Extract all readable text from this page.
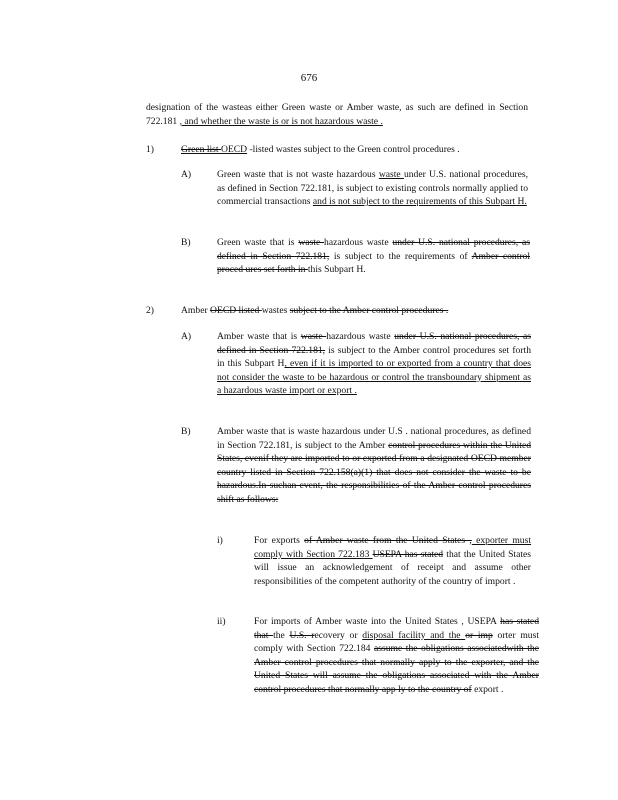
676
designation of the wasteas either Green waste or Amber waste, as such are defined in Section 722.181 , and whether the waste is or is not hazardous waste .
1)	Green list OECD -listed wastes subject to the Green control procedures .
A)	Green waste that is not waste hazardous waste under U.S. national procedures, as defined in Section 722.181, is subject to existing controls normally applied to commercial transactions and is not subject to the requirements of this Subpart H.
B)	Green waste that is waste hazardous waste under U.S. national procedures, as defined in Section 722.181, is subject to the requirements of Amber control proced ures set forth in this Subpart H.
2)	Amber OECD listed wastes subject to the Amber control procedures .
A)	Amber waste that is waste hazardous waste under U.S. national procedures, as defined in Section 722.181, is subject to the Amber control procedures set forth in this Subpart H, even if it is imported to or exported from a country that does not consider the waste to be hazardous or control the transboundary shipment as a hazardous waste import or export .
B)	Amber waste that is waste hazardous under U.S . national procedures, as defined in Section 722.181, is subject to the Amber control procedures within the United States, evenif they are imported to or exported from a designated OECD member country listed in Section 722.158(a)(1) that does not consider the waste to be hazardous.In suchan event, the responsibilities of the Amber control procedures shift as follows:
i)	For exports of Amber waste from the United States , exporter must comply with Section 722.183 USEPA has stated that the United States will issue an acknowledgement of receipt and assume other responsibilities of the competent authority of the country of import .
ii)	For imports of Amber waste into the United States , USEPA has stated that the U.S. recovery or disposal facility and the or imp orter must comply with Section 722.184 assume the obligations associatedwith the Amber control procedures that normally apply to the exporter, and the United States will assume the obligations associated with the Amber control procedures that normally app ly to the country of export .
